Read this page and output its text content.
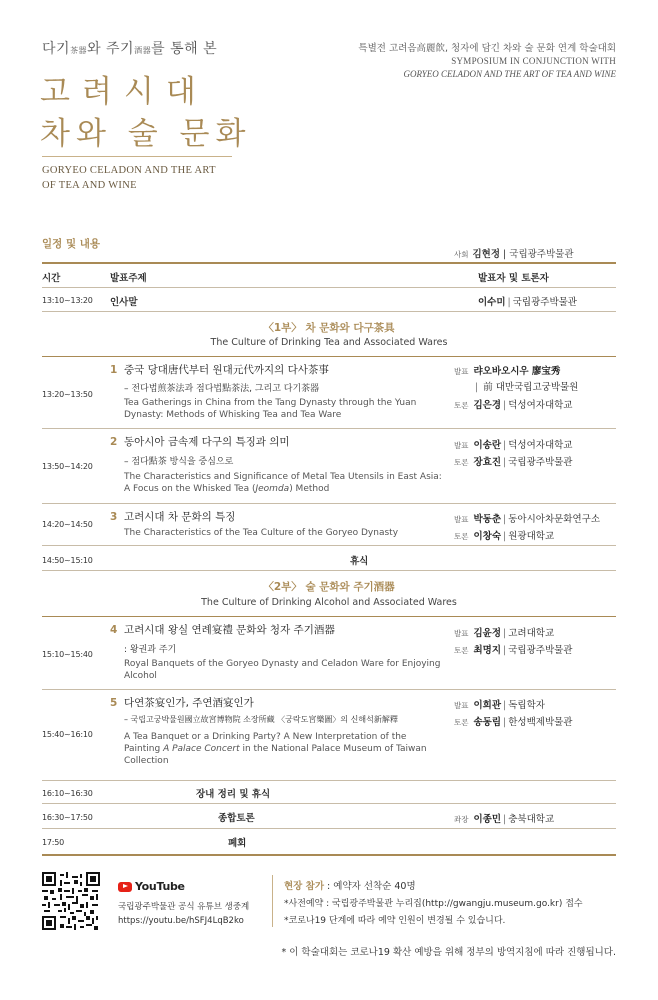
다기茶器와 주기酒器를 통해 본
고려시대
차와 술 문화
GORYEO CELADON AND THE ART
OF TEA AND WINE
특별전 고려음高麗飮, 청자에 담긴 차와 술 문화 연계 학술대회
SYMPOSIUM IN CONJUNCTION WITH
GORYEO CELADON AND THE ART OF TEA AND WINE
일정 및 내용
사회 김현정 | 국립광주박물관
시간	발표주제	발표자 및 토론자
13:10~13:20 인사말	이수미 | 국립광주박물관
〈1부〉 차 문화와 다구茶具
The Culture of Drinking Tea and Associated Wares
13:20~13:50
1 중국 당대唐代부터 원대元代까지의 다사茶事
– 전다법煎茶法과 점다법點茶法, 그리고 다기茶器
Tea Gatherings in China from the Tang Dynasty through the Yuan Dynasty: Methods of Whisking Tea and Tea Ware
발표 랴오바오시우 廖宝秀
| 前 대만국립고궁박물원
토론 김은경 | 덕성여자대학교
13:50~14:20
2 동아시아 금속제 다구의 특징과 의미
– 점다點茶 방식을 중심으로
The Characteristics and Significance of Metal Tea Utensils in East Asia: A Focus on the Whisked Tea (Jeomda) Method
발표 이송란 | 덕성여자대학교
토론 장효진 | 국립광주박물관
14:20~14:50
3 고려시대 차 문화의 특징
The Characteristics of the Tea Culture of the Goryeo Dynasty
발표 박동춘 | 동아시아차문화연구소
토론 이창숙 | 원광대학교
14:50~15:10	휴식
〈2부〉 술 문화와 주기酒器
The Culture of Drinking Alcohol and Associated Wares
15:10~15:40
4 고려시대 왕실 연례宴禮 문화와 청자 주기酒器
: 왕권과 주기
Royal Banquets of the Goryeo Dynasty and Celadon Ware for Enjoying Alcohol
발표 김윤정 | 고려대학교
토론 최명지 | 국립광주박물관
15:40~16:10
5 다연茶宴인가, 주연酒宴인가
– 국립고궁박물원國立故宮博物院 소장所藏 〈궁락도宮樂圖〉의 신해석新解釋
A Tea Banquet or a Drinking Party? A New Interpretation of the Painting A Palace Concert in the National Palace Museum of Taiwan Collection
발표 이희관 | 독립학자
토론 송동림 | 한성백제박물관
16:10~16:30	장내 정리 및 휴식
16:30~17:50	종합토론	좌장 이종민 | 충북대학교
17:50	폐회
YouTube
국립광주박물관 공식 유튜브 생중계
https://youtu.be/hSFJ4LqB2ko
현장 참가 : 예약자 선착순 40명
*사전예약 : 국립광주박물관 누리집(http://gwangju.museum.go.kr) 접수
*코로나19 단계에 따라 예약 인원이 변경될 수 있습니다.
* 이 학술대회는 코로나19 확산 예방을 위해 정부의 방역지침에 따라 진행됩니다.
